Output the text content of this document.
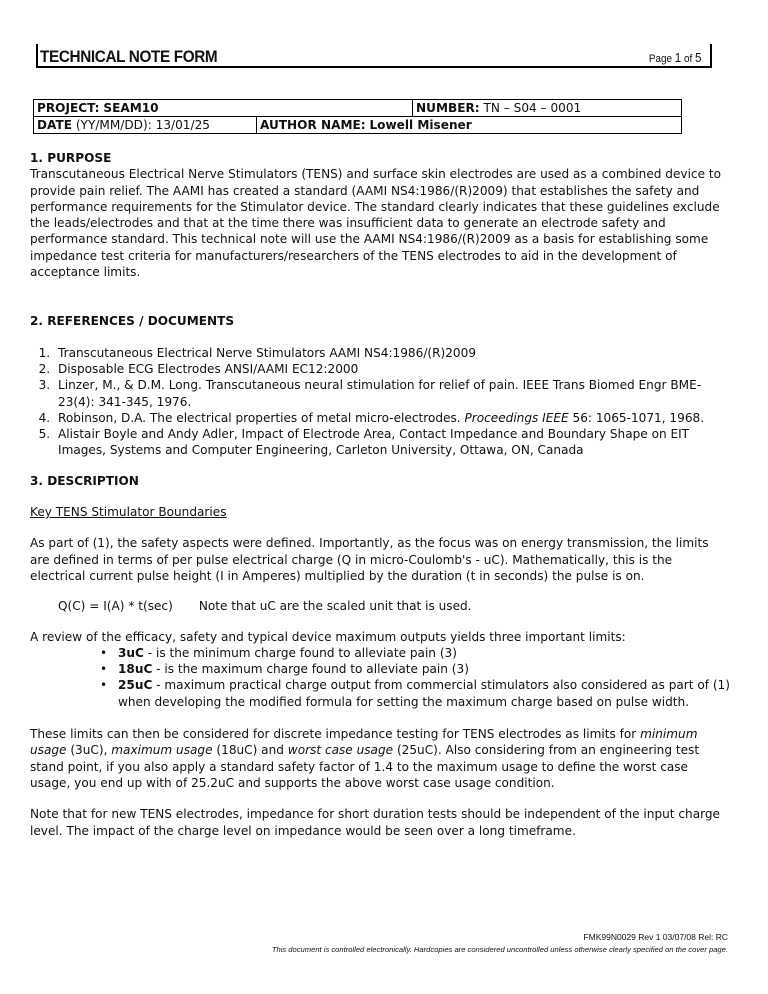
TECHNICAL NOTE FORM	Page 1 of 5
PROJECT: SEAM10		NUMBER: TN – S04 – 0001
DATE (YY/MM/DD): 13/01/25	AUTHOR NAME: Lowell Misener	

1. PURPOSE

Transcutaneous Electrical Nerve Stimulators (TENS) and surface skin electrodes are used as a combined device to provide pain relief. The AAMI has created a standard (AAMI NS4:1986/(R)2009) that establishes the safety and performance requirements for the Stimulator device. The standard clearly indicates that these guidelines exclude the leads/electrodes and that at the time there was insufficient data to generate an electrode safety and performance standard. This technical note will use the AAMI NS4:1986/(R)2009 as a basis for establishing some impedance test criteria for manufacturers/researchers of the TENS electrodes to aid in the development of acceptance limits.

2. REFERENCES / DOCUMENTS

1. Transcutaneous Electrical Nerve Stimulators AAMI NS4:1986/(R)2009
2. Disposable ECG Electrodes ANSI/AAMI EC12:2000
3. Linzer, M., & D.M. Long. Transcutaneous neural stimulation for relief of pain. IEEE Trans Biomed Engr BME-23(4): 341-345, 1976.
4. Robinson, D.A. The electrical properties of metal micro-electrodes. Proceedings IEEE 56: 1065-1071, 1968.
5. Alistair Boyle and Andy Adler, Impact of Electrode Area, Contact Impedance and Boundary Shape on EIT Images, Systems and Computer Engineering, Carleton University, Ottawa, ON, Canada

3. DESCRIPTION

Key TENS Stimulator Boundaries

As part of (1), the safety aspects were defined. Importantly, as the focus was on energy transmission, the limits are defined in terms of per pulse electrical charge (Q in micro-Coulomb's - uC). Mathematically, this is the electrical current pulse height (I in Amperes) multiplied by the duration (t in seconds) the pulse is on.

Q(C) = I(A) * t(sec) Note that uC are the scaled unit that is used.

A review of the efficacy, safety and typical device maximum outputs yields three important limits:

• 3uC - is the minimum charge found to alleviate pain (3)
• 18uC - is the maximum charge found to alleviate pain (3)
• 25uC - maximum practical charge output from commercial stimulators also considered as part of (1) when developing the modified formula for setting the maximum charge based on pulse width.

These limits can then be considered for discrete impedance testing for TENS electrodes as limits for minimum usage (3uC), maximum usage (18uC) and worst case usage (25uC). Also considering from an engineering test stand point, if you also apply a standard safety factor of 1.4 to the maximum usage to define the worst case usage, you end up with of 25.2uC and supports the above worst case usage condition.

Note that for new TENS electrodes, impedance for short duration tests should be independent of the input charge level. The impact of the charge level on impedance would be seen over a long timeframe.

FMK99N0029 Rev 1 03/07/08 Rel: RC
This document is controlled electronically. Hardcopies are considered uncontrolled unless otherwise clearly specified on the cover page.
